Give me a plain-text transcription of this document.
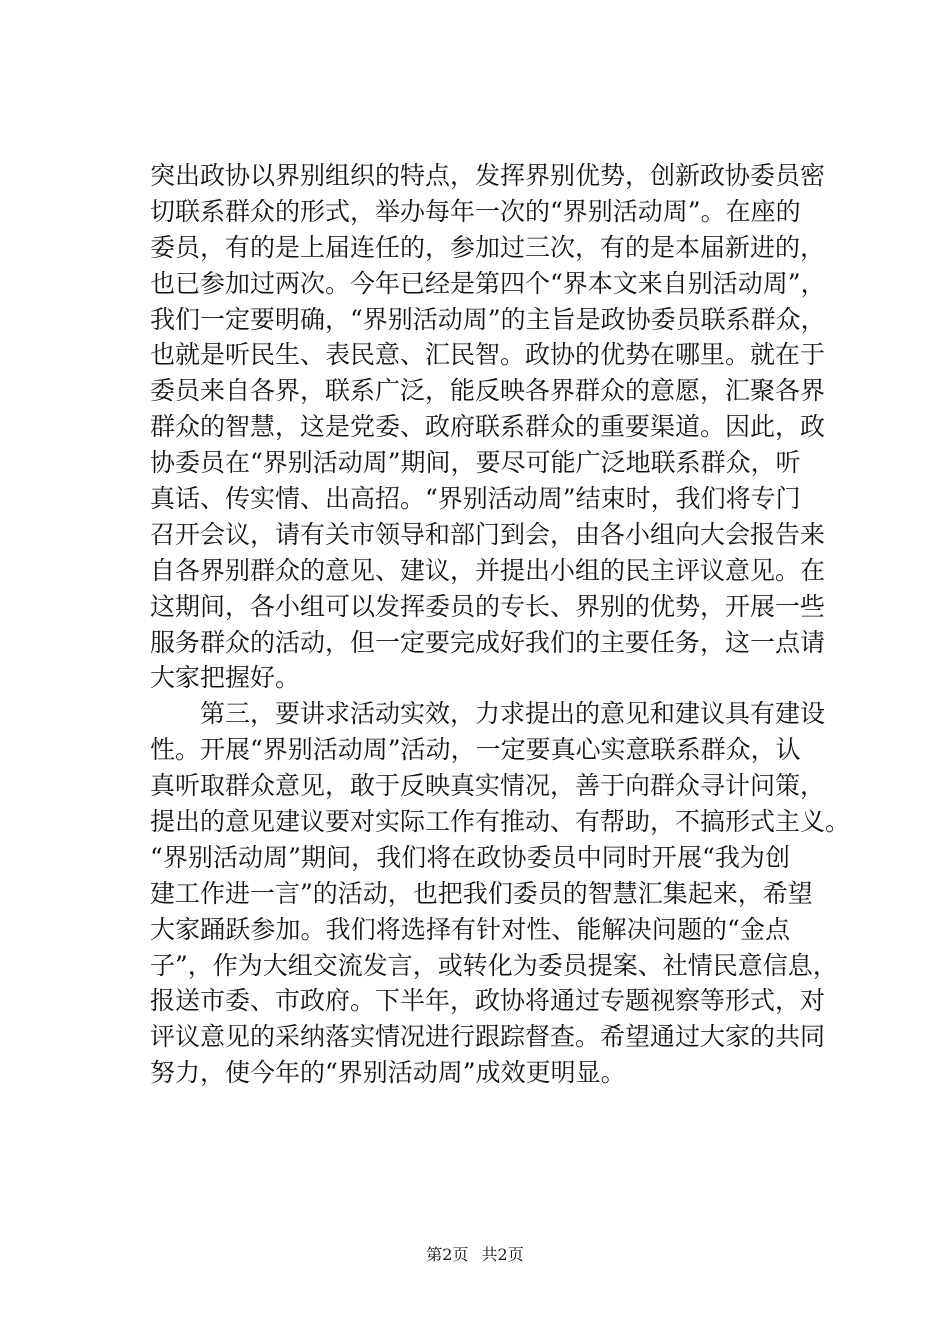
突出政协以界别组织的特点，发挥界别优势，创新政协委员密
切联系群众的形式，举办每年一次的“界别活动周”。在座的
委员，有的是上届连任的，参加过三次，有的是本届新进的，
也已参加过两次。今年已经是第四个“界本文来自别活动周”，
我们一定要明确，“界别活动周”的主旨是政协委员联系群众，
也就是听民生、表民意、汇民智。政协的优势在哪里。就在于
委员来自各界，联系广泛，能反映各界群众的意愿，汇聚各界
群众的智慧，这是党委、政府联系群众的重要渠道。因此，政
协委员在“界别活动周”期间，要尽可能广泛地联系群众，听
真话、传实情、出高招。“界别活动周”结束时，我们将专门
召开会议，请有关市领导和部门到会，由各小组向大会报告来
自各界别群众的意见、建议，并提出小组的民主评议意见。在
这期间，各小组可以发挥委员的专长、界别的优势，开展一些
服务群众的活动，但一定要完成好我们的主要任务，这一点请
大家把握好。
　　第三，要讲求活动实效，力求提出的意见和建议具有建设
性。开展“界别活动周”活动，一定要真心实意联系群众，认
真听取群众意见，敢于反映真实情况，善于向群众寻计问策，
提出的意见建议要对实际工作有推动、有帮助，不搞形式主义。
“界别活动周”期间，我们将在政协委员中同时开展“我为创
建工作进一言”的活动，也把我们委员的智慧汇集起来，希望
大家踊跃参加。我们将选择有针对性、能解决问题的“金点
子”，作为大组交流发言，或转化为委员提案、社情民意信息，
报送市委、市政府。下半年，政协将通过专题视察等形式，对
评议意见的采纳落实情况进行跟踪督查。希望通过大家的共同
努力，使今年的“界别活动周”成效更明显。
第2页 共2页
